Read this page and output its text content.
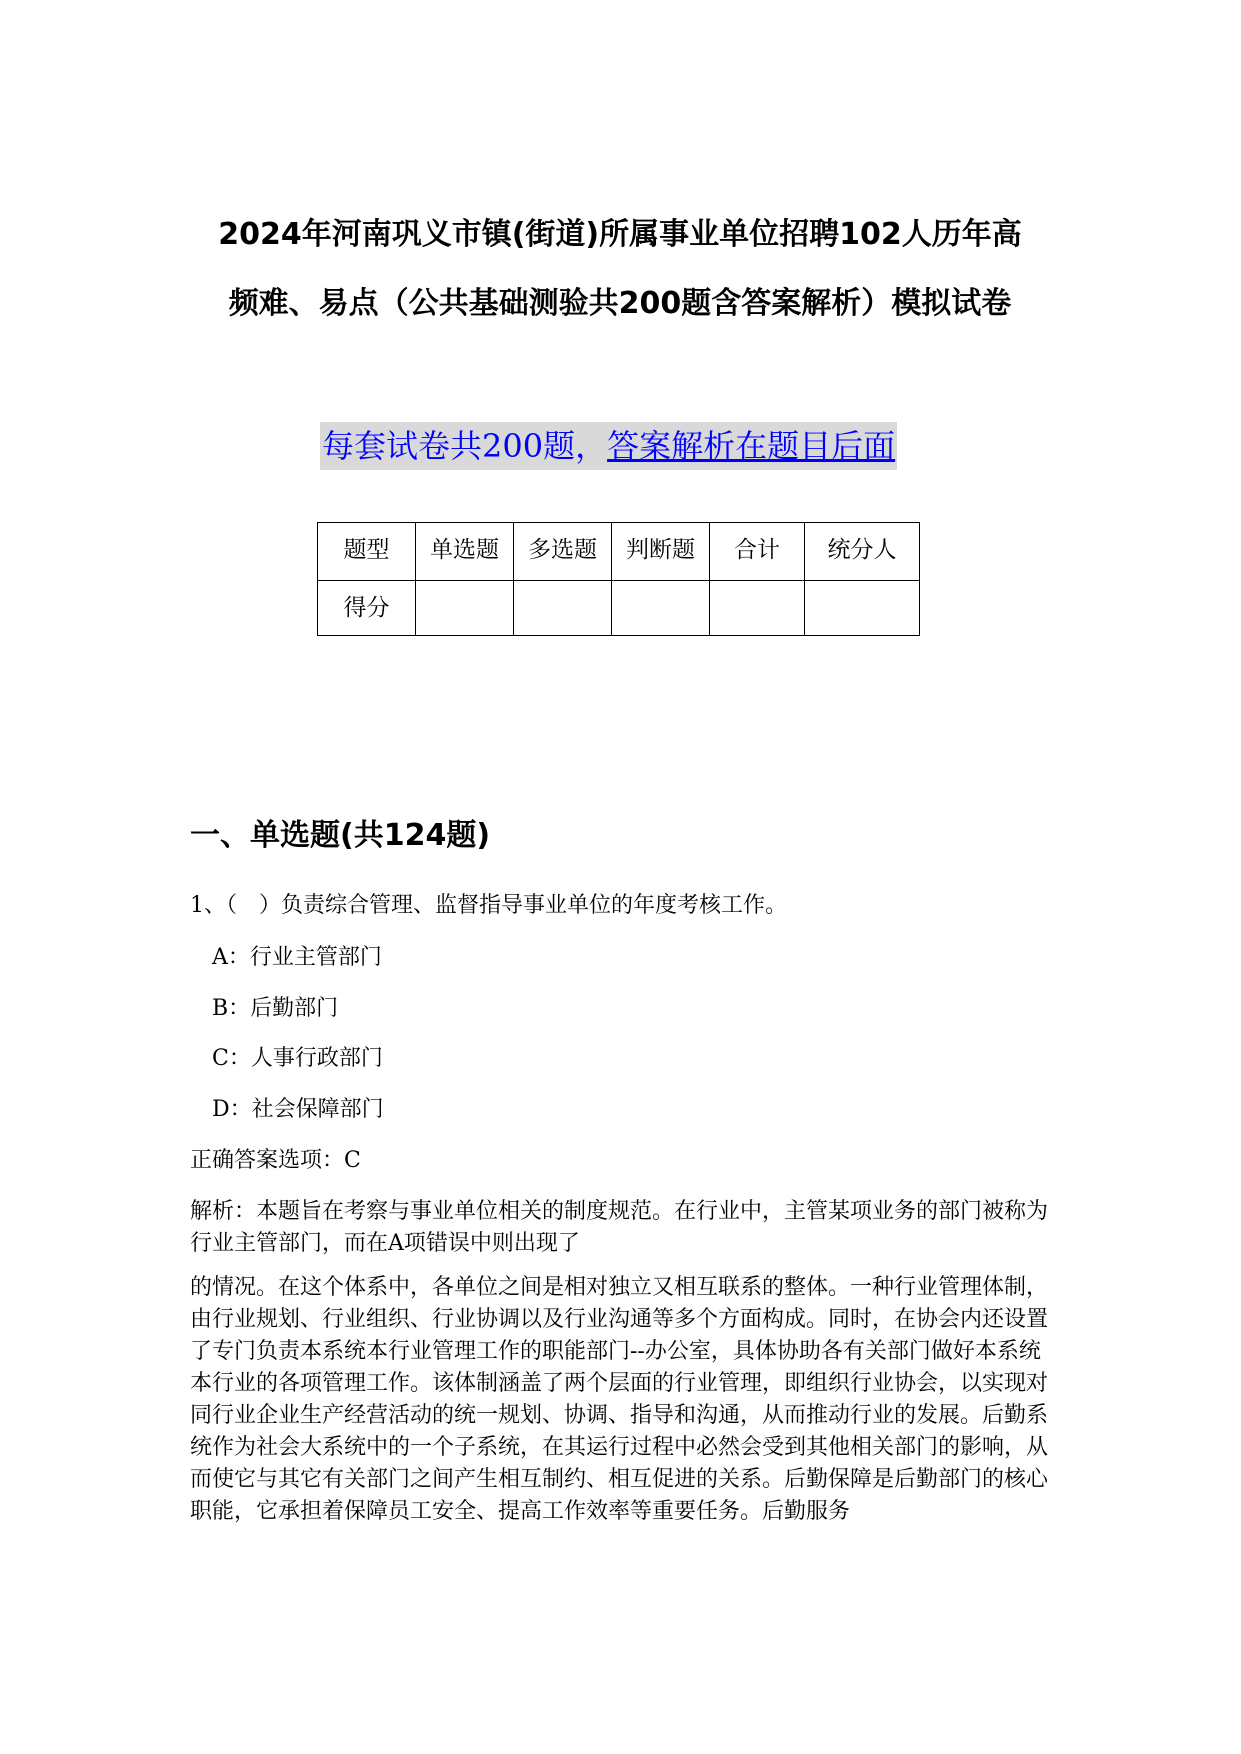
2024年河南巩义市镇(街道)所属事业单位招聘102人历年高
频难、易点（公共基础测验共200题含答案解析）模拟试卷
每套试卷共200题，答案解析在题目后面
题型	单选题	多选题	判断题	合计	统分人
得分					
一、单选题(共124题)
1、（　）负责综合管理、监督指导事业单位的年度考核工作。
A：行业主管部门
B：后勤部门
C：人事行政部门
D：社会保障部门
正确答案选项：C

解析：本题旨在考察与事业单位相关的制度规范。在行业中，主管某项业务的部门被称为行业主管部门，而在A项错误中则出现了

的情况。在这个体系中，各单位之间是相对独立又相互联系的整体。一种行业管理体制，由行业规划、行业组织、行业协调以及行业沟通等多个方面构成。同时，在协会内还设置了专门负责本系统本行业管理工作的职能部门--办公室，具体协助各有关部门做好本系统本行业的各项管理工作。该体制涵盖了两个层面的行业管理，即组织行业协会，以实现对同行业企业生产经营活动的统一规划、协调、指导和沟通，从而推动行业的发展。后勤系统作为社会大系统中的一个子系统，在其运行过程中必然会受到其他相关部门的影响，从而使它与其它有关部门之间产生相互制约、相互促进的关系。后勤保障是后勤部门的核心职能，它承担着保障员工安全、提高工作效率等重要任务。后勤服务
